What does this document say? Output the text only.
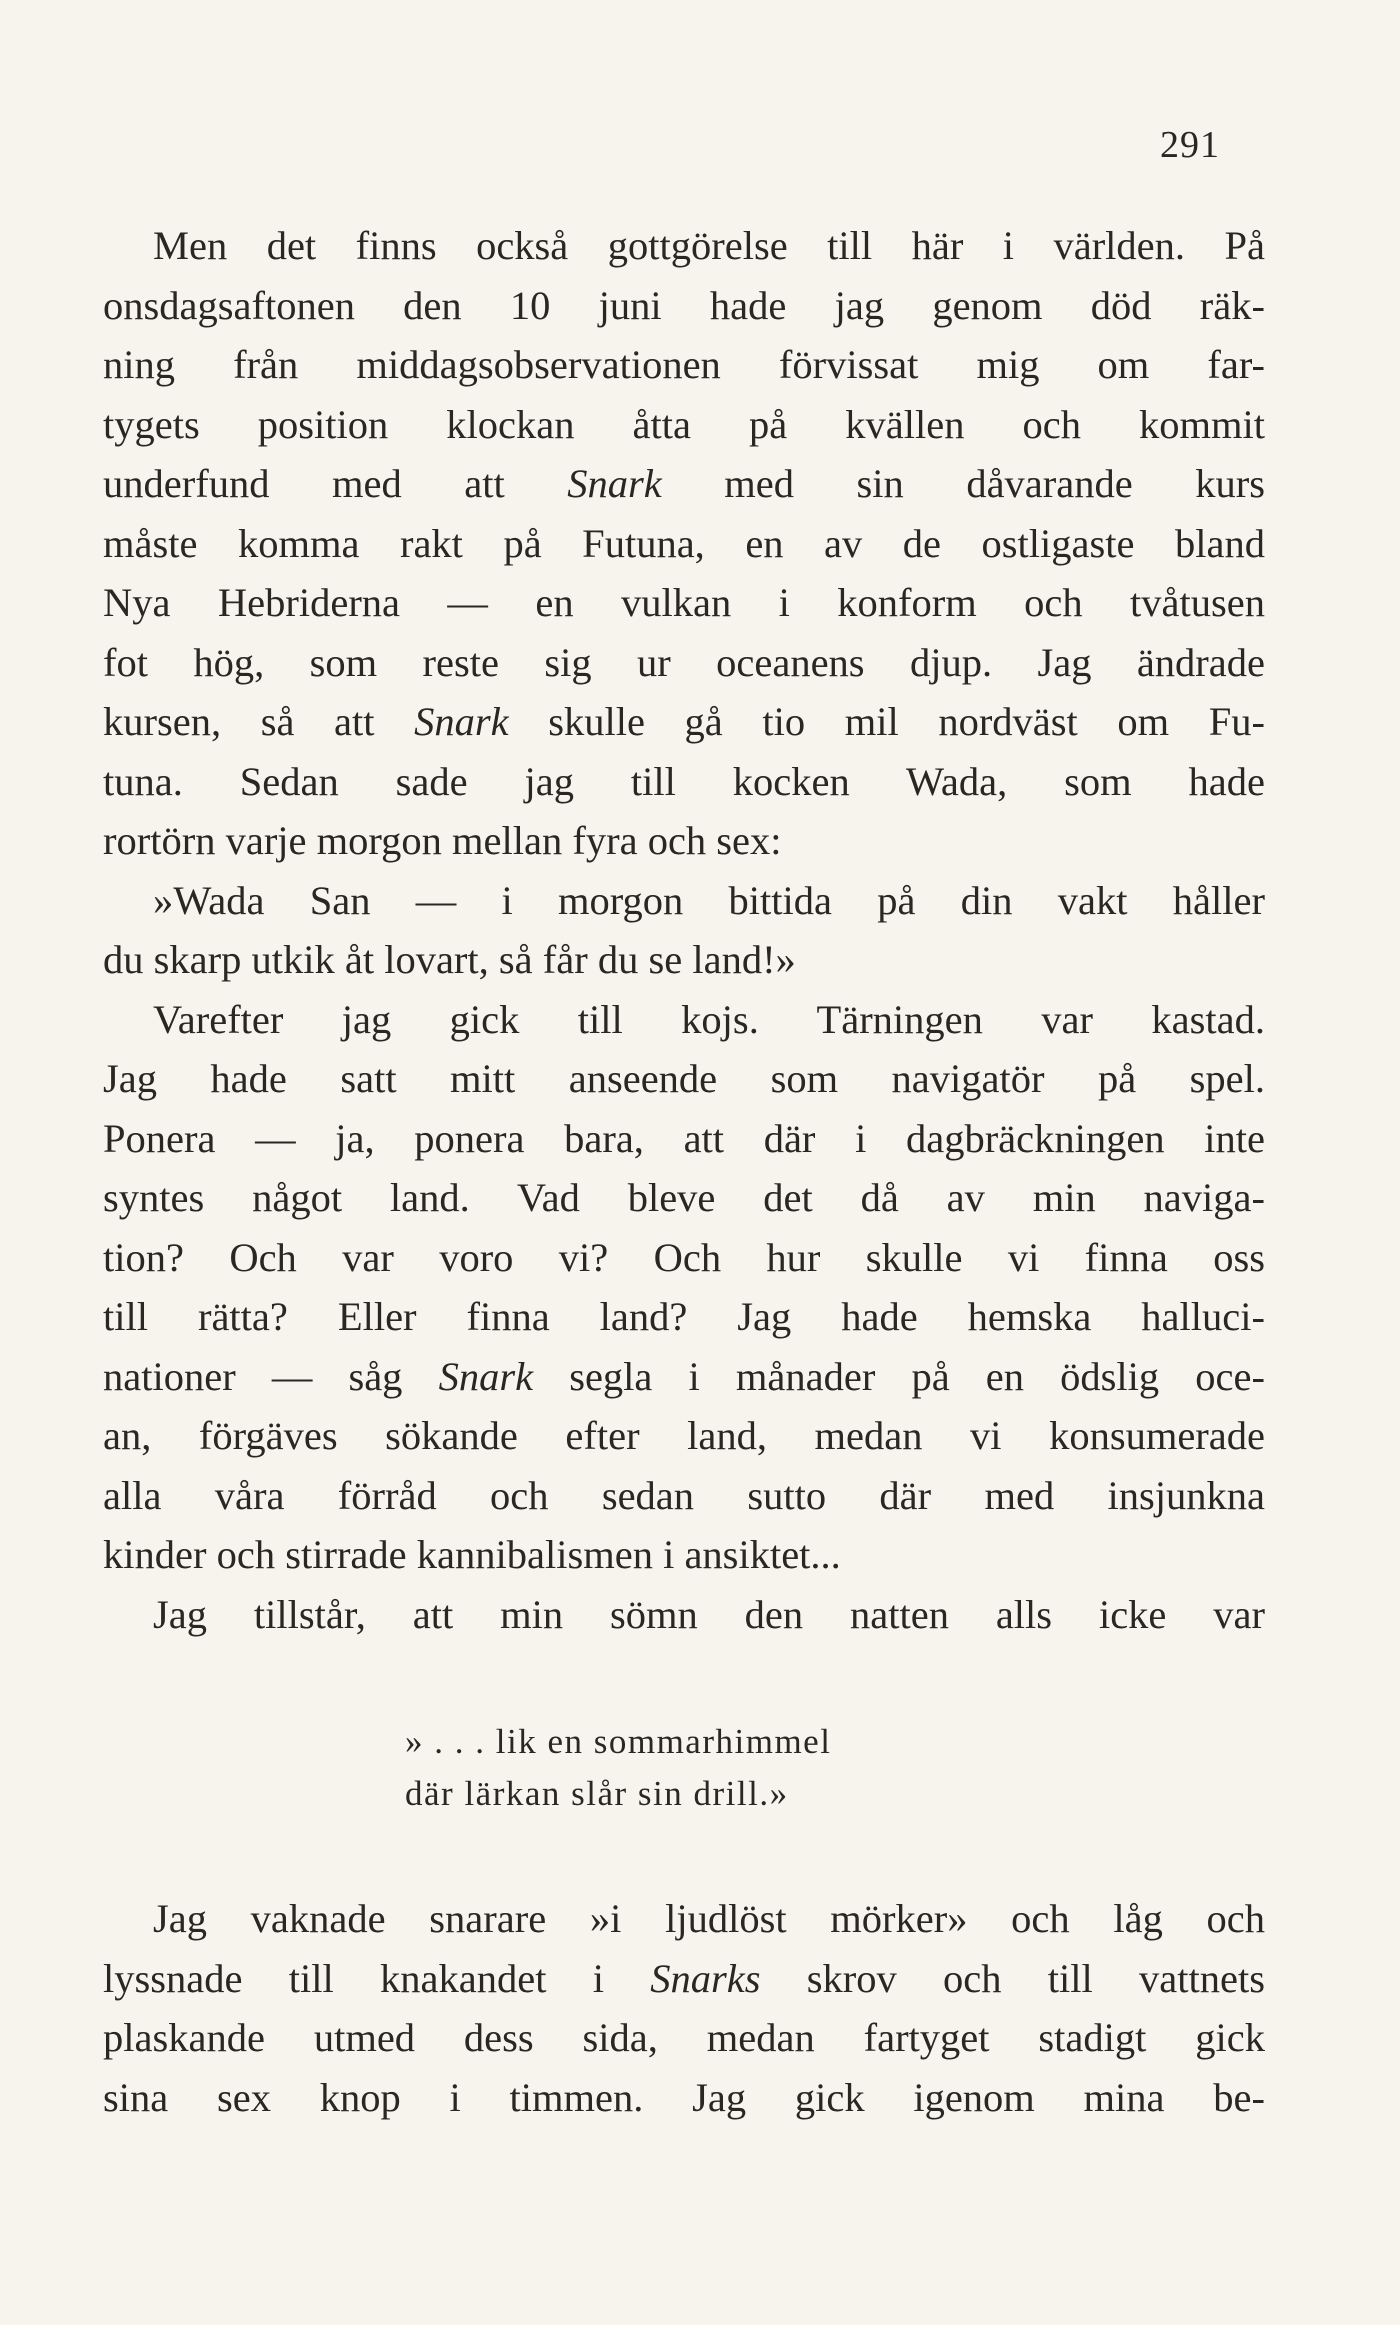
291
Men det finns också gottgörelse till här i världen. På
onsdagsaftonen den 10 juni hade jag genom död räk-
ning från middagsobservationen förvissat mig om far-
tygets position klockan åtta på kvällen och kommit
underfund med att Snark med sin dåvarande kurs
måste komma rakt på Futuna, en av de ostligaste bland
Nya Hebriderna — en vulkan i konform och tvåtusen
fot hög, som reste sig ur oceanens djup. Jag ändrade
kursen, så att Snark skulle gå tio mil nordväst om Fu-
tuna. Sedan sade jag till kocken Wada, som hade
rortörn varje morgon mellan fyra och sex:
»Wada San — i morgon bittida på din vakt håller
du skarp utkik åt lovart, så får du se land!»
Varefter jag gick till kojs. Tärningen var kastad.
Jag hade satt mitt anseende som navigatör på spel.
Ponera — ja, ponera bara, att där i dagbräckningen inte
syntes något land. Vad bleve det då av min naviga-
tion? Och var voro vi? Och hur skulle vi finna oss
till rätta? Eller finna land? Jag hade hemska halluci-
nationer — såg Snark segla i månader på en ödslig oce-
an, förgäves sökande efter land, medan vi konsumerade
alla våra förråd och sedan sutto där med insjunkna
kinder och stirrade kannibalismen i ansiktet...
Jag tillstår, att min sömn den natten alls icke var
» . . . lik en sommarhimmel
där lärkan slår sin drill.»
Jag vaknade snarare »i ljudlöst mörker» och låg och
lyssnade till knakandet i Snarks skrov och till vattnets
plaskande utmed dess sida, medan fartyget stadigt gick
sina sex knop i timmen. Jag gick igenom mina be-
